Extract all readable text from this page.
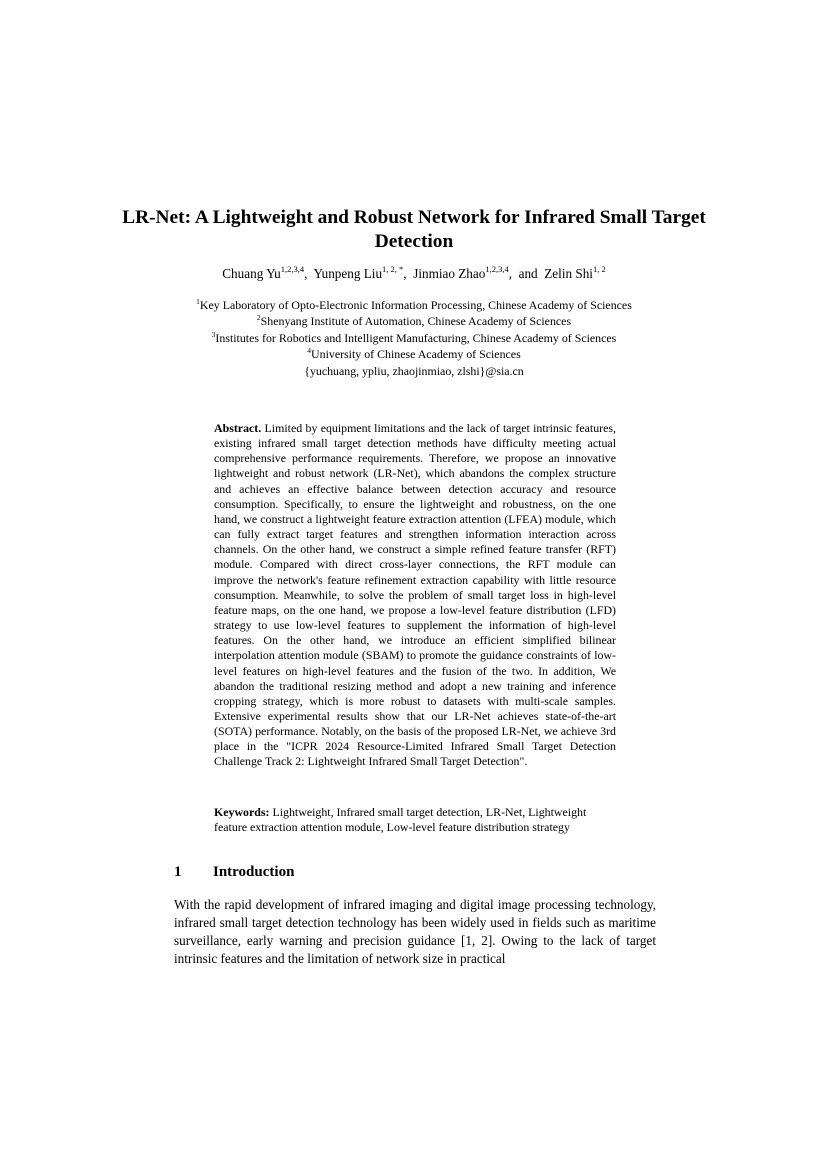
LR-Net: A Lightweight and Robust Network for Infrared Small Target Detection
Chuang Yu$^{1,2,3,4}$,  Yunpeng Liu$^{1, 2, *}$,  Jinmiao Zhao$^{1,2,3,4}$,  and  Zelin Shi$^{1, 2}$
$^1$Key Laboratory of Opto-Electronic Information Processing, Chinese Academy of Sciences
$^2$Shenyang Institute of Automation, Chinese Academy of Sciences
$^3$Institutes for Robotics and Intelligent Manufacturing, Chinese Academy of Sciences
$^4$University of Chinese Academy of Sciences
{yuchuang, ypliu, zhaojinmiao, zlshi}@sia.cn

Abstract. Limited by equipment limitations and the lack of target intrinsic features, existing infrared small target detection methods have difficulty meeting actual comprehensive performance requirements. Therefore, we propose an innovative lightweight and robust network (LR-Net), which abandons the complex structure and achieves an effective balance between detection accuracy and resource consumption. Specifically, to ensure the lightweight and robustness, on the one hand, we construct a lightweight feature extraction attention (LFEA) module, which can fully extract target features and strengthen information interaction across channels. On the other hand, we construct a simple refined feature transfer (RFT) module. Compared with direct cross-layer connections, the RFT module can improve the network's feature refinement extraction capability with little resource consumption. Meanwhile, to solve the problem of small target loss in high-level feature maps, on the one hand, we propose a low-level feature distribution (LFD) strategy to use low-level features to supplement the information of high-level features. On the other hand, we introduce an efficient simplified bilinear interpolation attention module (SBAM) to promote the guidance constraints of low-level features on high-level features and the fusion of the two. In addition, We abandon the traditional resizing method and adopt a new training and inference cropping strategy, which is more robust to datasets with multi-scale samples. Extensive experimental results show that our LR-Net achieves state-of-the-art (SOTA) performance. Notably, on the basis of the proposed LR-Net, we achieve 3rd place in the "ICPR 2024 Resource-Limited Infrared Small Target Detection Challenge Track 2: Lightweight Infrared Small Target Detection".

Keywords: Lightweight, Infrared small target detection, LR-Net, Lightweight feature extraction attention module, Low-level feature distribution strategy

1 Introduction

With the rapid development of infrared imaging and digital image processing technology, infrared small target detection technology has been widely used in fields such as maritime surveillance, early warning and precision guidance [1, 2]. Owing to the lack of target intrinsic features and the limitation of network size in practical
